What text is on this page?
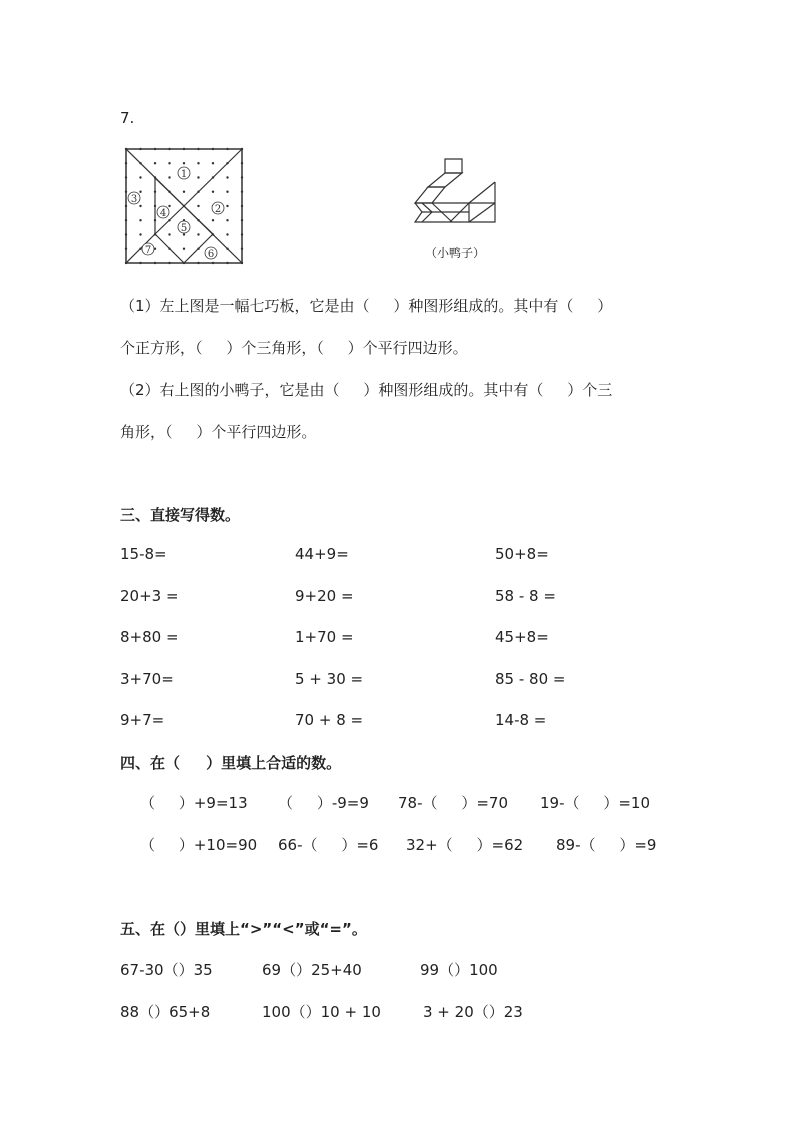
7.
1
2
3
4
5
6
7	（小鸭子）
（1）左上图是一幅七巧板，它是由（     ）种图形组成的。其中有（     ）
个正方形，（     ）个三角形，（     ）个平行四边形。
（2）右上图的小鸭子，它是由（     ）种图形组成的。其中有（     ）个三
角形，（     ）个平行四边形。
三、直接写得数。
15-8=	44+9=	50+8=
20+3 =	9+20 =	58 - 8 =
8+80 =	1+70 =	45+8=
3+70=	5 + 30 =	85 - 80 =
9+7=	70 + 8 =	14-8 =
四、在（     ）里填上合适的数。
（     ）+9=13 （     ）-9=9 78-（     ）=70 19-（     ）=10
（     ）+10=90 66-（     ）=6 32+（     ）=62 89-（     ）=9
五、在（）里填上“>”“<”或“=”。
67-30（）35	69（）25+40	99（）100
88（）65+8	100（）10 + 10	3 + 20（）23
